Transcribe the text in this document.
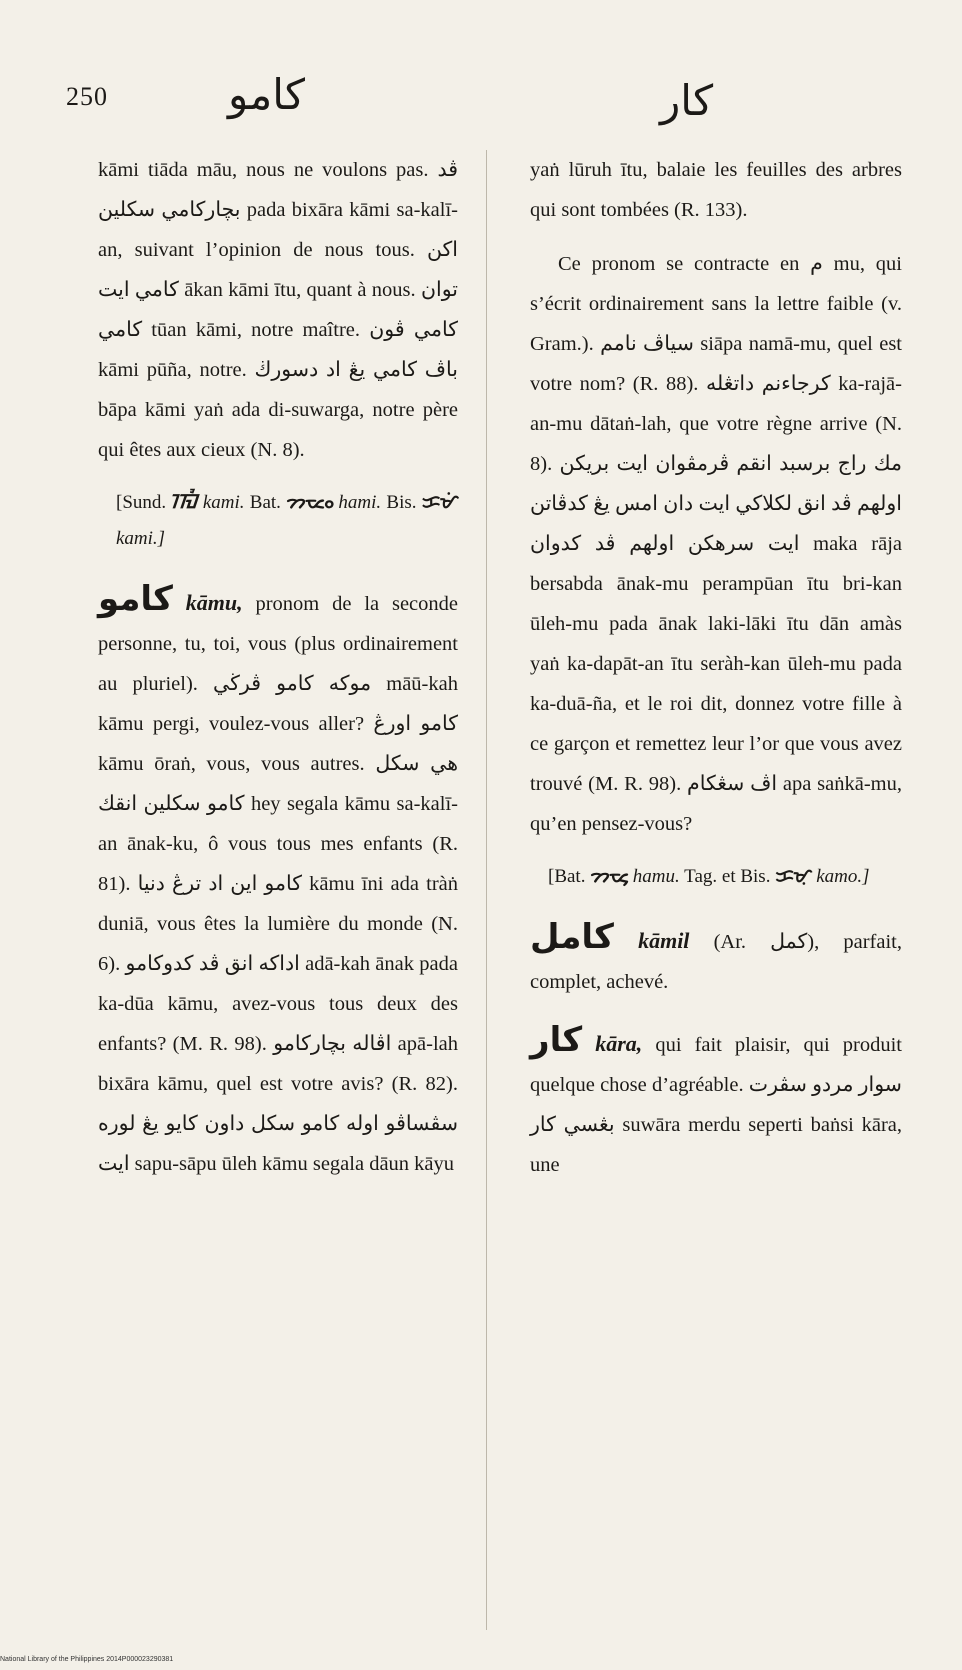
250	كامو	كار

kāmi tiāda māu, nous ne voulons pas. ڤد بچاركامي سكلين pada bixāra kāmi sa-kalī-an, suivant l’opinion de nous tous. اكن كامي ايت ākan kāmi ītu, quant à nous. توان كامي tūan kāmi, notre maître. كامي ڤون kāmi pūña, notre. باڤ كامي يڠ اد دسورڬ bāpa kāmi yaṅ ada di-suwarga, notre père qui êtes aux cieux (N. 8).

[Sund. ᮊᮙᮤ kami. Bat. ᯂᯔᯪ hami. Bis. ᜃᜋᜒ kami.]

كامو kāmu, pronom de la seconde personne, tu, toi, vous (plus ordinairement au pluriel). موكه كامو ڤرڬي māū-kah kāmu pergi, voulez-vous aller? كامو اورڠ kāmu ōraṅ, vous, vous autres. هي سكل كامو سكلين انقك hey segala kāmu sa-kalī-an ānak-ku, ô vous tous mes enfants (R. 81). كامو اين اد ترڠ دنيا kāmu īni ada tràṅ duniā, vous êtes la lumière du monde (N. 6). اداكه انق ڤد كدوكامو adā-kah ānak pada ka-dūa kāmu, avez-vous tous deux des enfants? (M. R. 98). اڤاله بچاركامو apā-lah bixāra kāmu, quel est votre avis? (R. 82). سڤساڤو اوله كامو سكل داون كايو يڠ لوره ايت sapu-sāpu ūleh kāmu segala dāun kāyu

yaṅ lūruh ītu, balaie les feuilles des arbres qui sont tombées (R. 133).

Ce pronom se contracte en م mu, qui s’écrit ordinairement sans la lettre faible (v. Gram.). سياڤ نامم siāpa namā-mu, quel est votre nom? (R. 88). كرجاءنم داتڠله ka-rajā-an-mu dātaṅ-lah, que votre règne arrive (N. 8). مك راج برسبد انقم ڤرمڤوان ايت بريكن اولهم ڤد انق لكلاكي ايت دان امس يڠ كدڤاتن ايت سرهكن اولهم ڤد كدوان maka rāja bersabda ānak-mu perampūan ītu bri-kan ūleh-mu pada ānak laki-lāki ītu dān amàs yaṅ ka-dapāt-an ītu seràh-kan ūleh-mu pada ka-duā-ña, et le roi dit, donnez votre fille à ce garçon et remettez leur l’or que vous avez trouvé (M. R. 98). اڤ سڠكام apa saṅkā-mu, qu’en pensez-vous?

[Bat. ᯂᯔᯮ hamu. Tag. et Bis. ᜃᜋᜓ kamo.]

كامل kāmil (Ar. كمل), parfait, complet, achevé.

كار kāra, qui fait plaisir, qui produit quelque chose d’agréable. سوار مردو سڤرت بڠسي كار suwāra merdu seperti baṅsi kāra, une

National Library of the Philippines 2014P000023290381
